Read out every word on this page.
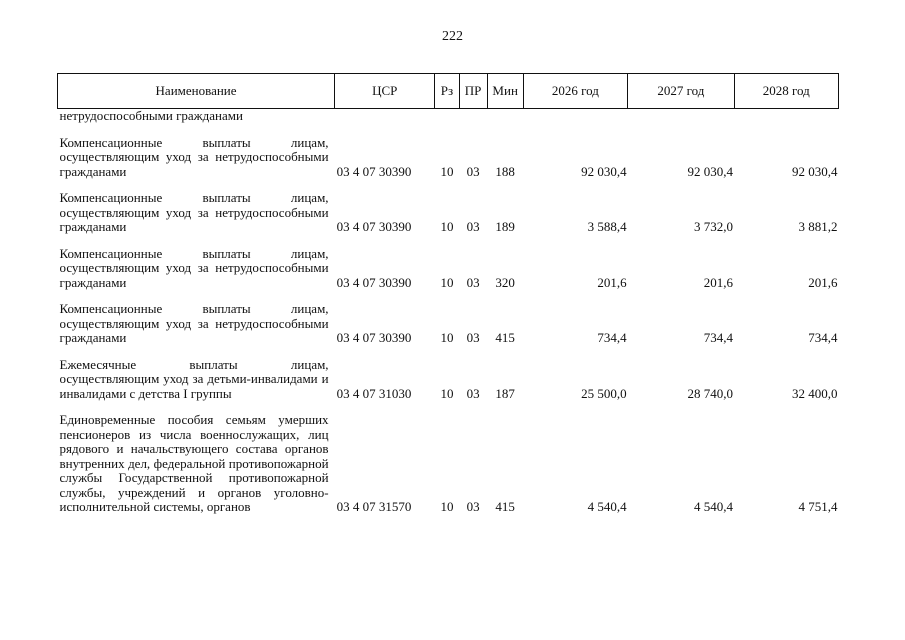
222
Наименование	ЦСР	Рз	ПР	Мин	2026 год	2027 год	2028 год
нетрудоспособными гражданами							
Компенсационные выплаты лицам, осуществляющим уход за нетрудоспособными гражданами	03 4 07 30390	10	03	188	92 030,4	92 030,4	92 030,4
Компенсационные выплаты лицам, осуществляющим уход за нетрудоспособными гражданами	03 4 07 30390	10	03	189	3 588,4	3 732,0	3 881,2
Компенсационные выплаты лицам, осуществляющим уход за нетрудоспособными гражданами	03 4 07 30390	10	03	320	201,6	201,6	201,6
Компенсационные выплаты лицам, осуществляющим уход за нетрудоспособными гражданами	03 4 07 30390	10	03	415	734,4	734,4	734,4
Ежемесячные выплаты лицам, осуществляющим уход за детьми-инвалидами и инвалидами с детства I группы	03 4 07 31030	10	03	187	25 500,0	28 740,0	32 400,0
Единовременные пособия семьям умерших пенсионеров из числа военнослужащих, лиц рядового и начальствующего состава органов внутренних дел, федеральной противопожарной службы Государственной противопожарной службы, учреждений и органов уголовно-исполнительной системы, органов	03 4 07 31570	10	03	415	4 540,4	4 540,4	4 751,4
